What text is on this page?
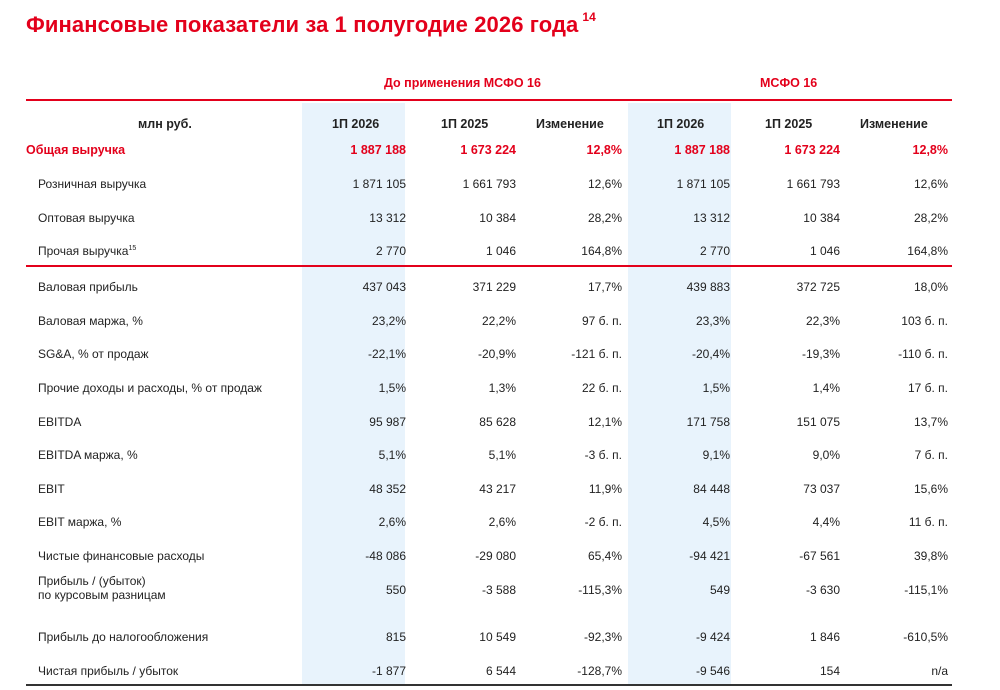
Финансовые показатели за 1 полугодие 2026 года $^{14}$
До применения МСФО 16	МСФО 16
млн руб.	1П 2026	1П 2025	Изменение	1П 2026	1П 2025	Изменение
Общая выручка	1 887 188	1 673 224	12,8%	1 887 188	1 673 224	12,8%
Розничная выручка	1 871 105	1 661 793	12,6%	1 871 105	1 661 793	12,6%
Оптовая выручка	13 312	10 384	28,2%	13 312	10 384	28,2%
Прочая выручка$^{15}$	2 770	1 046	164,8%	2 770	1 046	164,8%
Валовая прибыль	437 043	371 229	17,7%	439 883	372 725	18,0%
Валовая маржа, %	23,2%	22,2%	97 б. п.	23,3%	22,3%	103 б. п.
SG&A, % от продаж	-22,1%	-20,9%	-121 б. п.	-20,4%	-19,3%	-110 б. п.
Прочие доходы и расходы, % от продаж	1,5%	1,3%	22 б. п.	1,5%	1,4%	17 б. п.
EBITDA	95 987	85 628	12,1%	171 758	151 075	13,7%
EBITDA маржа, %	5,1%	5,1%	-3 б. п.	9,1%	9,0%	7 б. п.
EBIT	48 352	43 217	11,9%	84 448	73 037	15,6%
EBIT маржа, %	2,6%	2,6%	-2 б. п.	4,5%	4,4%	11 б. п.
Чистые финансовые расходы	-48 086	-29 080	65,4%	-94 421	-67 561	39,8%
Прибыль / (убыток)
по курсовым разницам	550	-3 588	-115,3%	549	-3 630	-115,1%
Прибыль до налогообложения	815	10 549	-92,3%	-9 424	1 846	-610,5%
Чистая прибыль / убыток	-1 877	6 544	-128,7%	-9 546	154	n/a
